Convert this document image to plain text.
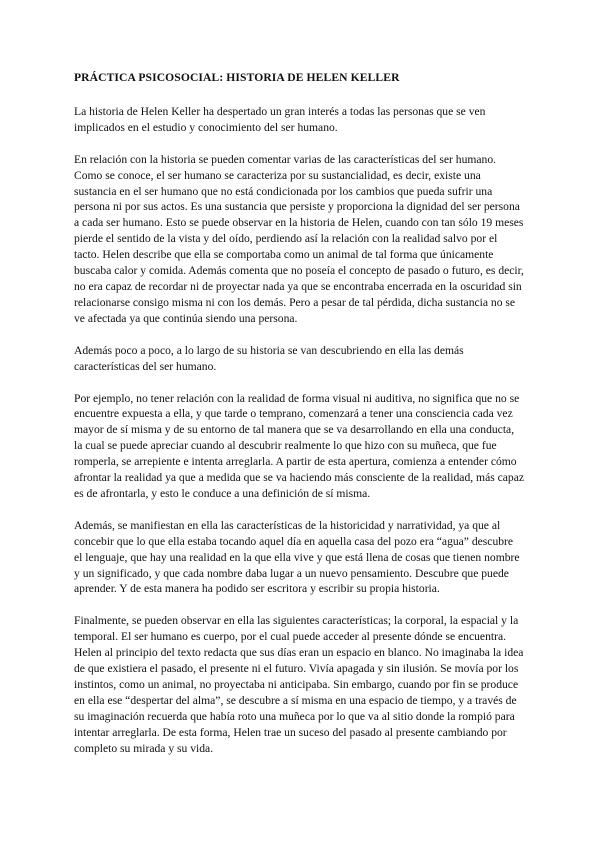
PRÁCTICA PSICOSOCIAL: HISTORIA DE HELEN KELLER

La historia de Helen Keller ha despertado un gran interés a todas las personas que se ven implicados en el estudio y conocimiento del ser humano.

En relación con la historia se pueden comentar varias de las características del ser humano. Como se conoce, el ser humano se caracteriza por su sustancialidad, es decir, existe una sustancia en el ser humano que no está condicionada por los cambios que pueda sufrir una persona ni por sus actos. Es una sustancia que persiste y proporciona la dignidad del ser persona a cada ser humano. Esto se puede observar en la historia de Helen, cuando con tan sólo 19 meses pierde el sentido de la vista y del oído, perdiendo así la relación con la realidad salvo por el tacto. Helen describe que ella se comportaba como un animal de tal forma que únicamente buscaba calor y comida. Además comenta que no poseía el concepto de pasado o futuro, es decir, no era capaz de recordar ni de proyectar nada ya que se encontraba encerrada en la oscuridad sin relacionarse consigo misma ni con los demás. Pero a pesar de tal pérdida, dicha sustancia no se ve afectada ya que continúa siendo una persona.

Además poco a poco, a lo largo de su historia se van descubriendo en ella las demás características del ser humano.

Por ejemplo, no tener relación con la realidad de forma visual ni auditiva, no significa que no se encuentre expuesta a ella, y que tarde o temprano, comenzará a tener una consciencia cada vez mayor de sí misma y de su entorno de tal manera que se va desarrollando en ella una conducta, la cual se puede apreciar cuando al descubrir realmente lo que hizo con su muñeca, que fue romperla, se arrepiente e intenta arreglarla. A partir de esta apertura, comienza a entender cómo afrontar la realidad ya que a medida que se va haciendo más consciente de la realidad, más capaz es de afrontarla, y esto le conduce a una definición de sí misma.

Además, se manifiestan en ella las características de la historicidad y narratividad, ya que al concebir que lo que ella estaba tocando aquel día en aquella casa del pozo era “agua” descubre el lenguaje, que hay una realidad en la que ella vive y que está llena de cosas que tienen nombre y un significado, y que cada nombre daba lugar a un nuevo pensamiento. Descubre que puede aprender. Y de esta manera ha podido ser escritora y escribir su propia historia.

Finalmente, se pueden observar en ella las siguientes características; la corporal, la espacial y la temporal. El ser humano es cuerpo, por el cual puede acceder al presente dónde se encuentra. Helen al principio del texto redacta que sus días eran un espacio en blanco. No imaginaba la idea de que existiera el pasado, el presente ni el futuro. Vivía apagada y sin ilusión. Se movía por los instintos, como un animal, no proyectaba ni anticipaba. Sin embargo, cuando por fin se produce en ella ese “despertar del alma”, se descubre a sí misma en una espacio de tiempo, y a través de su imaginación recuerda que había roto una muñeca por lo que va al sitio donde la rompió para intentar arreglarla. De esta forma, Helen trae un suceso del pasado al presente cambiando por completo su mirada y su vida.
